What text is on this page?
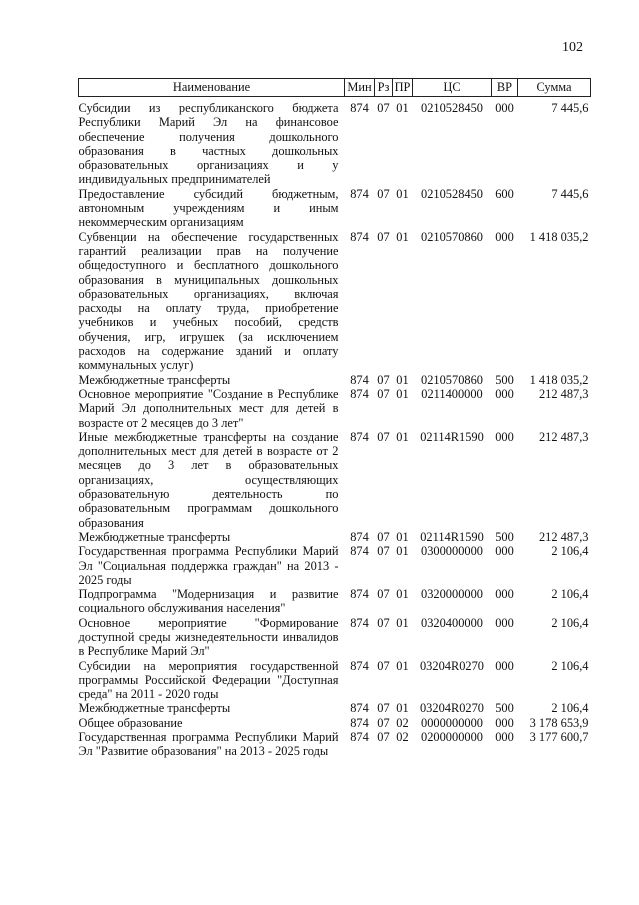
102
Наименование	Мин	Рз	ПР	ЦС	ВР	Сумма
Субсидии из республиканского бюджета Республики Марий Эл на финансовое обеспечение получения дошкольного образования в частных дошкольных образовательных организациях и у индивидуальных предпринимателей	874	07	01	0210528450	000	7 445,6
Предоставление субсидий бюджетным, автономным учреждениям и иным некоммерческим организациям	874	07	01	0210528450	600	7 445,6
Субвенции на обеспечение государственных гарантий реализации прав на получение общедоступного и бесплатного дошкольного образования в муниципальных дошкольных образовательных организациях, включая расходы на оплату труда, приобретение учебников и учебных пособий, средств обучения, игр, игрушек (за исключением расходов на содержание зданий и оплату коммунальных услуг)	874	07	01	0210570860	000	1 418 035,2
Межбюджетные трансферты	874	07	01	0210570860	500	1 418 035,2
Основное мероприятие "Создание в Республике Марий Эл дополнительных мест для детей в возрасте от 2 месяцев до 3 лет"	874	07	01	0211400000	000	212 487,3
Иные межбюджетные трансферты на создание дополнительных мест для детей в возрасте от 2 месяцев до 3 лет в образовательных организациях, осуществляющих образовательную деятельность по образовательным программам дошкольного образования	874	07	01	02114R1590	000	212 487,3
Межбюджетные трансферты	874	07	01	02114R1590	500	212 487,3
Государственная программа Республики Марий Эл "Социальная поддержка граждан" на 2013 - 2025 годы	874	07	01	0300000000	000	2 106,4
Подпрограмма "Модернизация и развитие социального обслуживания населения"	874	07	01	0320000000	000	2 106,4
Основное мероприятие "Формирование доступной среды жизнедеятельности инвалидов в Республике Марий Эл"	874	07	01	0320400000	000	2 106,4
Субсидии на мероприятия государственной программы Российской Федерации "Доступная среда" на 2011 - 2020 годы	874	07	01	03204R0270	000	2 106,4
Межбюджетные трансферты	874	07	01	03204R0270	500	2 106,4
Общее образование	874	07	02	0000000000	000	3 178 653,9
Государственная программа Республики Марий Эл "Развитие образования" на 2013 - 2025 годы	874	07	02	0200000000	000	3 177 600,7
